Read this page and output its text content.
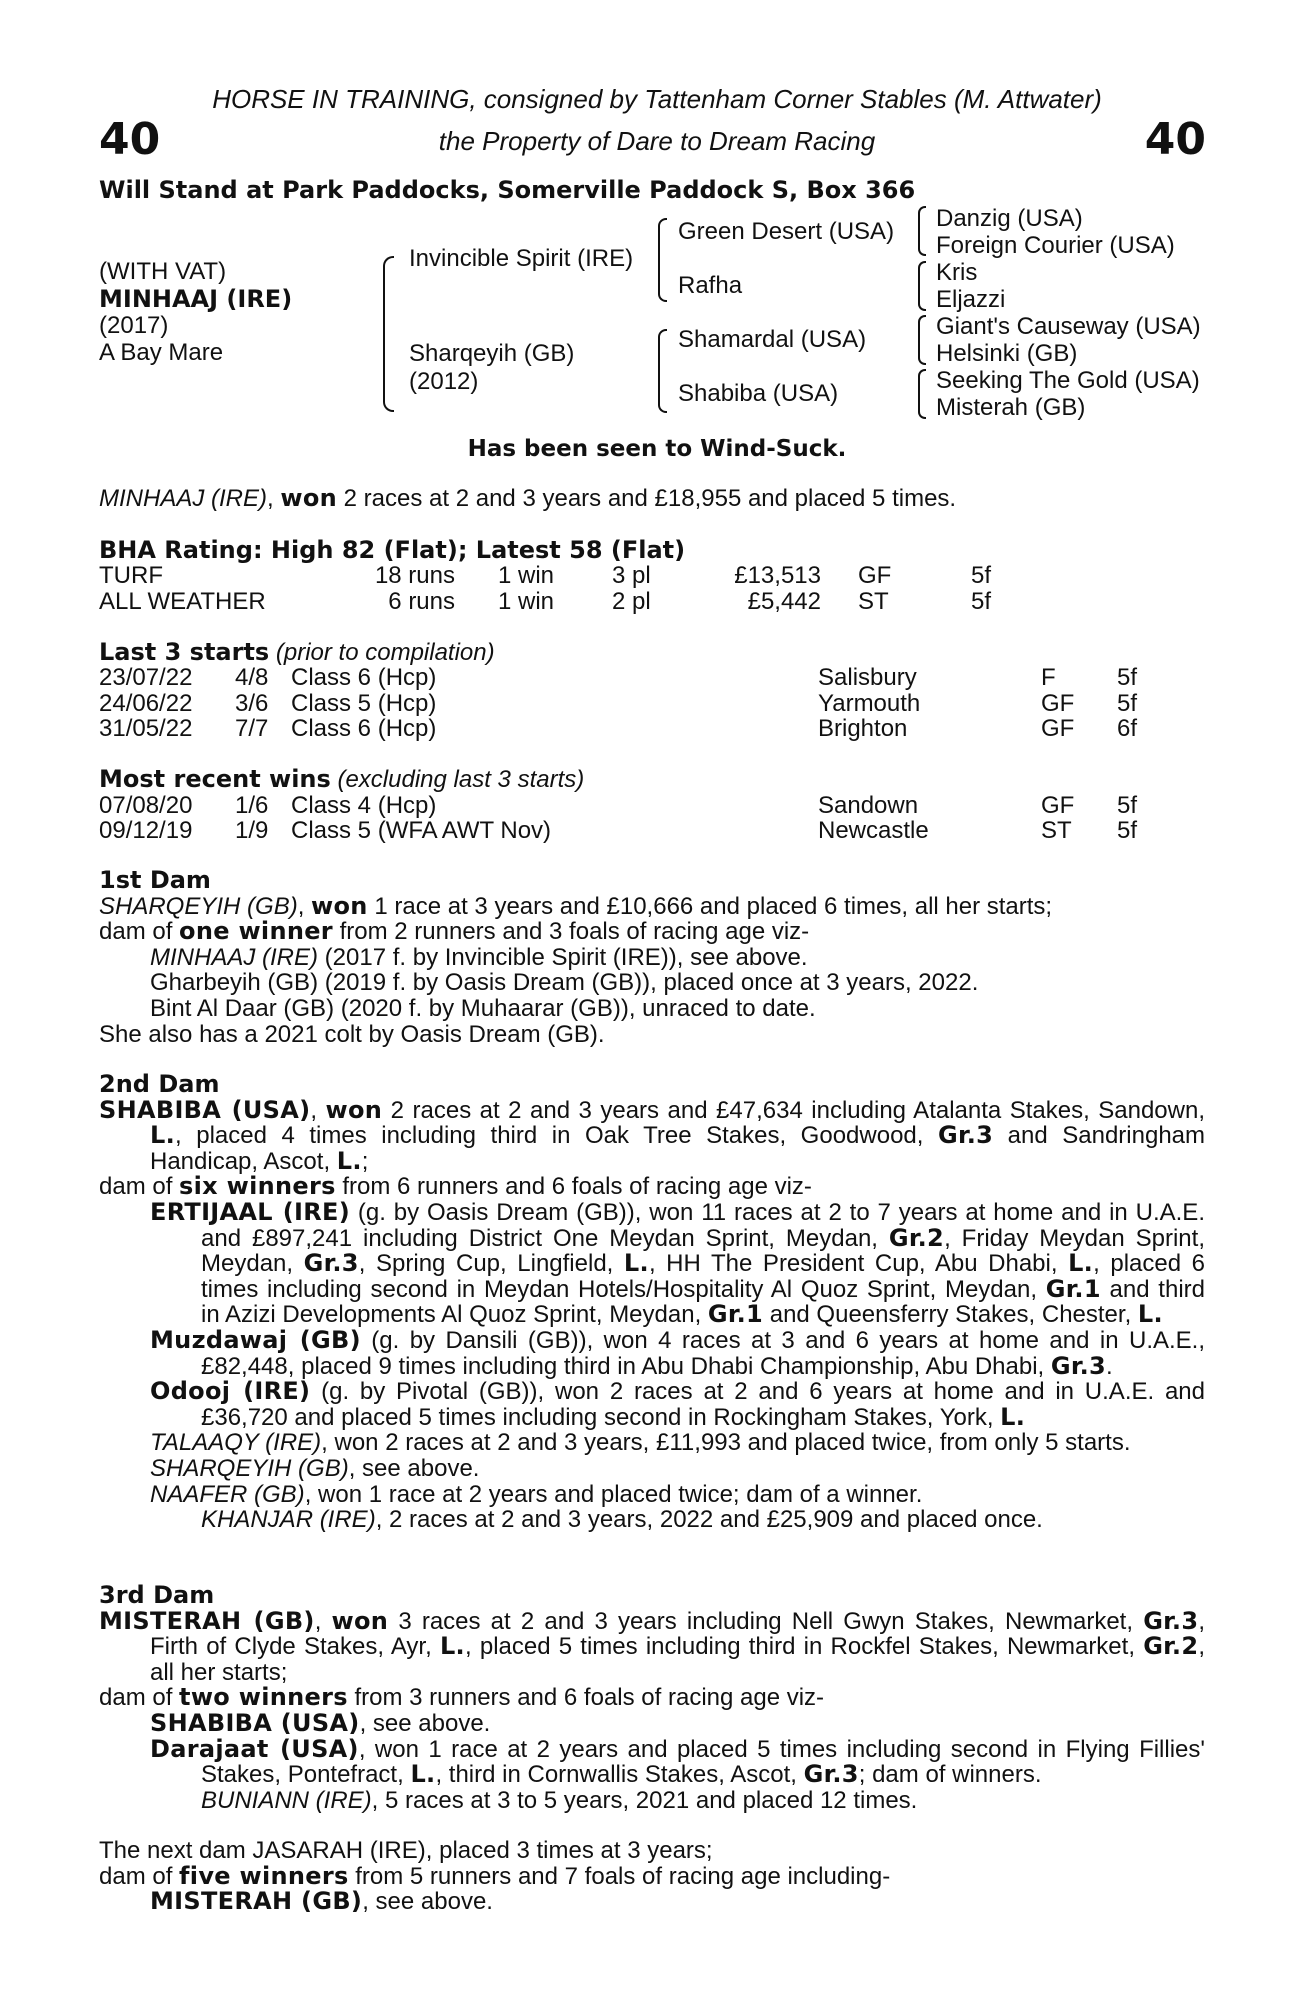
40	40
HORSE IN TRAINING, consigned by Tattenham Corner Stables (M. Attwater)
the Property of Dare to Dream Racing
Will Stand at Park Paddocks, Somerville Paddock S, Box 366
(WITH VAT)
MINHAAJ (IRE)
(2017)
A Bay Mare
Invincible Spirit (IRE)
Sharqeyih (GB)
(2012)
Green Desert (USA)
Rafha
Shamardal (USA)
Shabiba (USA)
Danzig (USA)
Foreign Courier (USA)
Kris
Eljazzi
Giant's Causeway (USA)
Helsinki (GB)
Seeking The Gold (USA)
Misterah (GB)
Has been seen to Wind-Suck.
MINHAAJ (IRE), won 2 races at 2 and 3 years and £18,955 and placed 5 times.
BHA Rating: High 82 (Flat); Latest 58 (Flat)
TURF	18 runs 1 win 3 pl	£13,513 GF	5f
ALL WEATHER	6 runs 1 win 2 pl	£5,442 ST	5f
Last 3 starts (prior to compilation)
23/07/22 4/8 Class 6 (Hcp)	Salisbury	F	5f
24/06/22 3/6 Class 5 (Hcp)	Yarmouth	GF 5f
31/05/22 7/7 Class 6 (Hcp)	Brighton	GF 6f
Most recent wins (excluding last 3 starts)
07/08/20 1/6 Class 4 (Hcp)	Sandown	GF 5f
09/12/19 1/9 Class 5 (WFA AWT Nov)	Newcastle	ST 5f

1st Dam

SHARQEYIH (GB), won 1 race at 3 years and £10,666 and placed 6 times, all her starts;

dam of one winner from 2 runners and 3 foals of racing age viz-

MINHAAJ (IRE) (2017 f. by Invincible Spirit (IRE)), see above.

Gharbeyih (GB) (2019 f. by Oasis Dream (GB)), placed once at 3 years, 2022.

Bint Al Daar (GB) (2020 f. by Muhaarar (GB)), unraced to date.

She also has a 2021 colt by Oasis Dream (GB).

2nd Dam

SHABIBA (USA), won 2 races at 2 and 3 years and £47,634 including Atalanta Stakes, Sandown, L., placed 4 times including third in Oak Tree Stakes, Goodwood, Gr.3 and Sandringham Handicap, Ascot, L.;

dam of six winners from 6 runners and 6 foals of racing age viz-

ERTIJAAL (IRE) (g. by Oasis Dream (GB)), won 11 races at 2 to 7 years at home and in U.A.E. and £897,241 including District One Meydan Sprint, Meydan, Gr.2, Friday Meydan Sprint, Meydan, Gr.3, Spring Cup, Lingfield, L., HH The President Cup, Abu Dhabi, L., placed 6 times including second in Meydan Hotels/Hospitality Al Quoz Sprint, Meydan, Gr.1 and third in Azizi Developments Al Quoz Sprint, Meydan, Gr.1 and Queensferry Stakes, Chester, L.

Muzdawaj (GB) (g. by Dansili (GB)), won 4 races at 3 and 6 years at home and in U.A.E., £82,448, placed 9 times including third in Abu Dhabi Championship, Abu Dhabi, Gr.3.

Odooj (IRE) (g. by Pivotal (GB)), won 2 races at 2 and 6 years at home and in U.A.E. and £36,720 and placed 5 times including second in Rockingham Stakes, York, L.

TALAAQY (IRE), won 2 races at 2 and 3 years, £11,993 and placed twice, from only 5 starts.

SHARQEYIH (GB), see above.

NAAFER (GB), won 1 race at 2 years and placed twice; dam of a winner.

KHANJAR (IRE), 2 races at 2 and 3 years, 2022 and £25,909 and placed once.

3rd Dam

MISTERAH (GB), won 3 races at 2 and 3 years including Nell Gwyn Stakes, Newmarket, Gr.3, Firth of Clyde Stakes, Ayr, L., placed 5 times including third in Rockfel Stakes, Newmarket, Gr.2, all her starts;

dam of two winners from 3 runners and 6 foals of racing age viz-

SHABIBA (USA), see above.

Darajaat (USA), won 1 race at 2 years and placed 5 times including second in Flying Fillies' Stakes, Pontefract, L., third in Cornwallis Stakes, Ascot, Gr.3; dam of winners.

BUNIANN (IRE), 5 races at 3 to 5 years, 2021 and placed 12 times.

The next dam JASARAH (IRE), placed 3 times at 3 years;

dam of five winners from 5 runners and 7 foals of racing age including-

MISTERAH (GB), see above.
